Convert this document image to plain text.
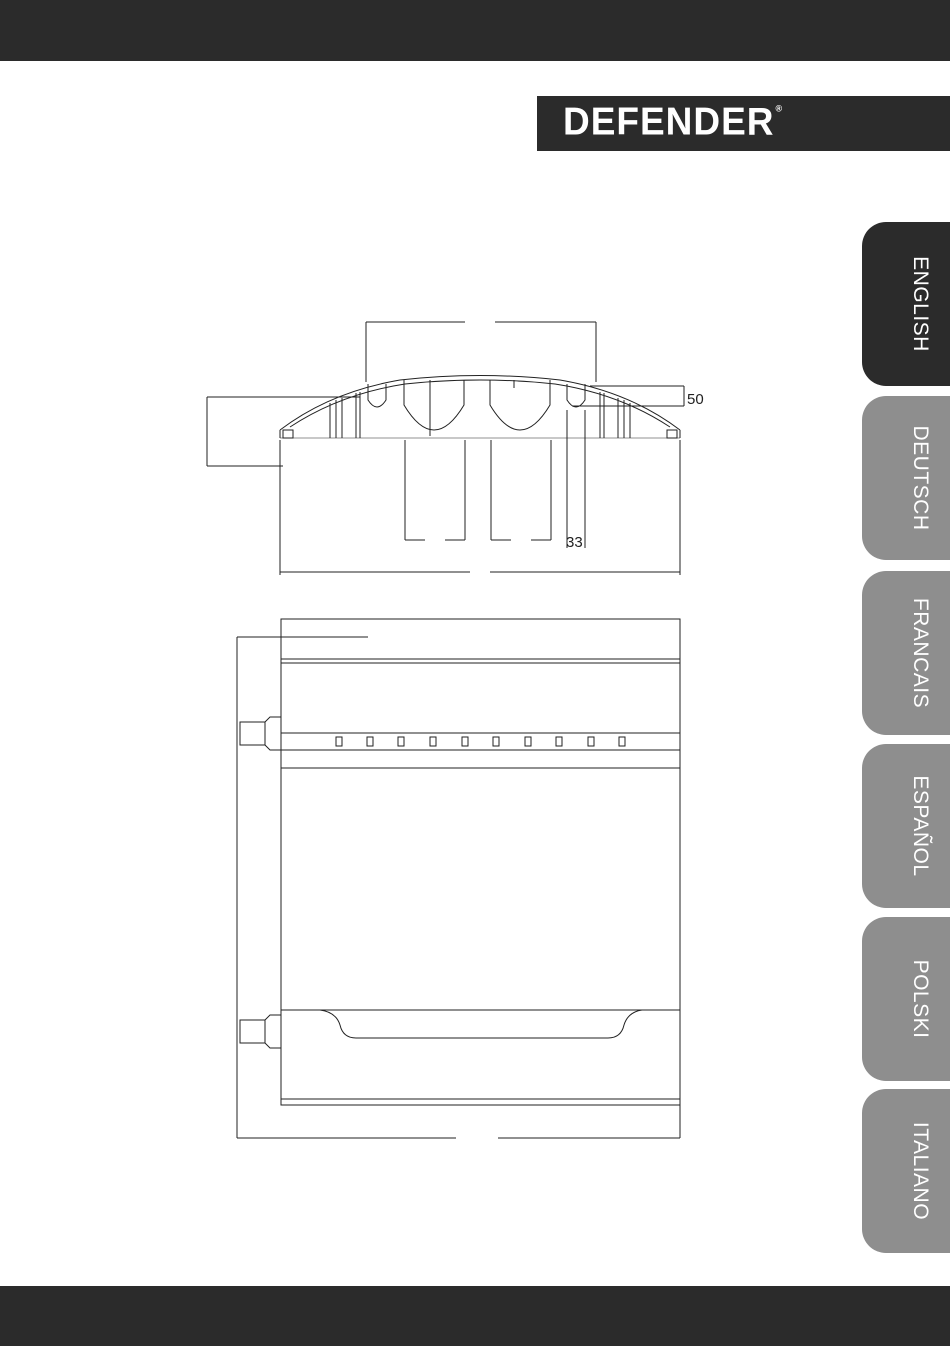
DEFENDER®
ENGLISH
DEUTSCH
FRANCAIS
ESPAÑOL
POLSKI
ITALIANO
50
33
